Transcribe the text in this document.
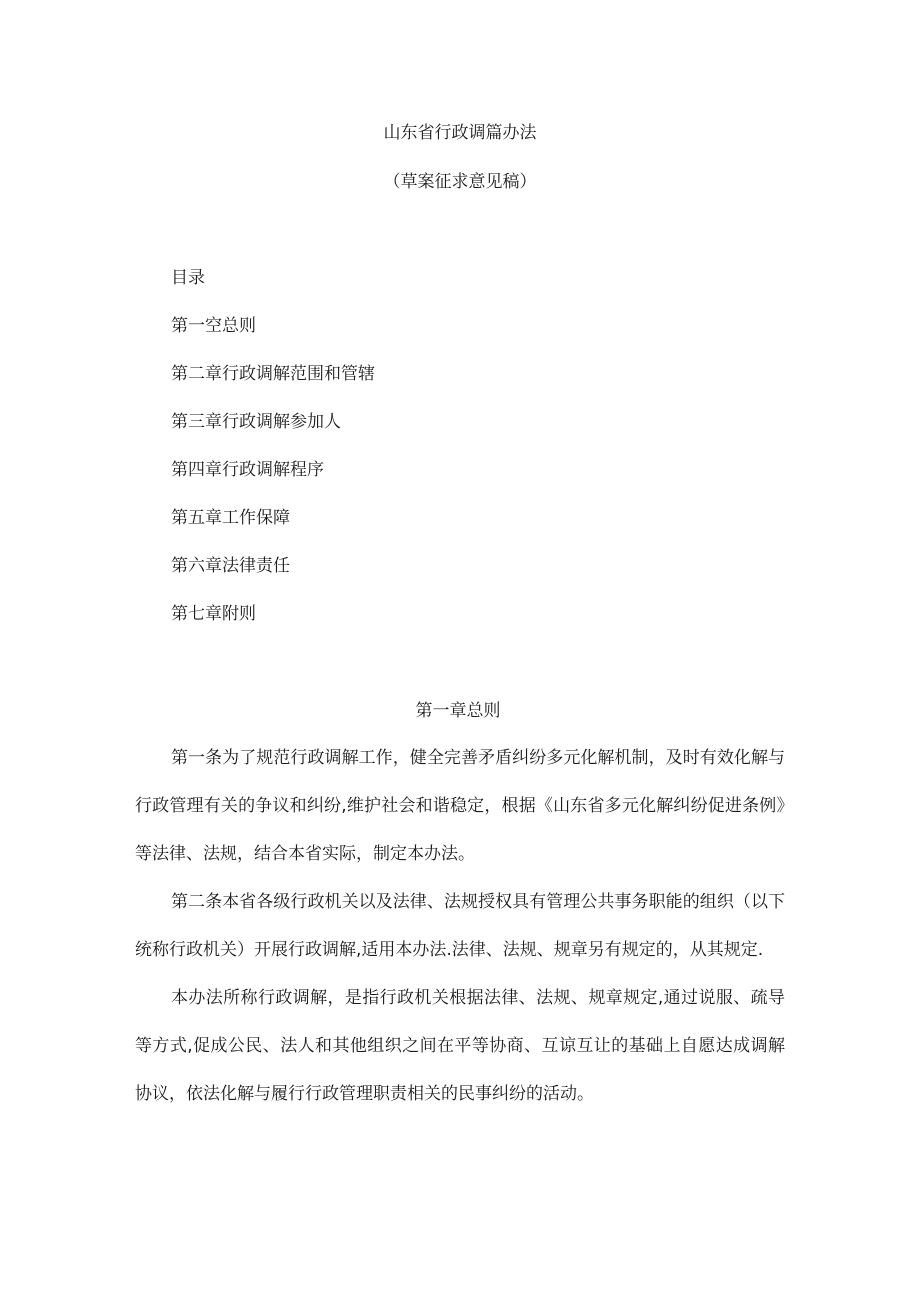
山东省行政调篇办法
（草案征求意见稿）
目录
第一空总则
第二章行政调解范围和管辖
第三章行政调解参加人
第四章行政调解程序
第五章工作保障
第六章法律责任
第七章附则
第一章总则

第一条为了规范行政调解工作，健全完善矛盾纠纷多元化解机制，及时有效化解与行政管理有关的争议和纠纷,维护社会和谐稳定，根据《山东省多元化解纠纷促进条例》等法律、法规，结合本省实际，制定本办法。

第二条本省各级行政机关以及法律、法规授权具有管理公共事务职能的组织（以下统称行政机关）开展行政调解,适用本办法.法律、法规、规章另有规定的，从其规定.

本办法所称行政调解，是指行政机关根据法律、法规、规章规定,通过说服、疏导等方式,促成公民、法人和其他组织之间在平等协商、互谅互让的基础上自愿达成调解协议，依法化解与履行行政管理职责相关的民事纠纷的活动。
